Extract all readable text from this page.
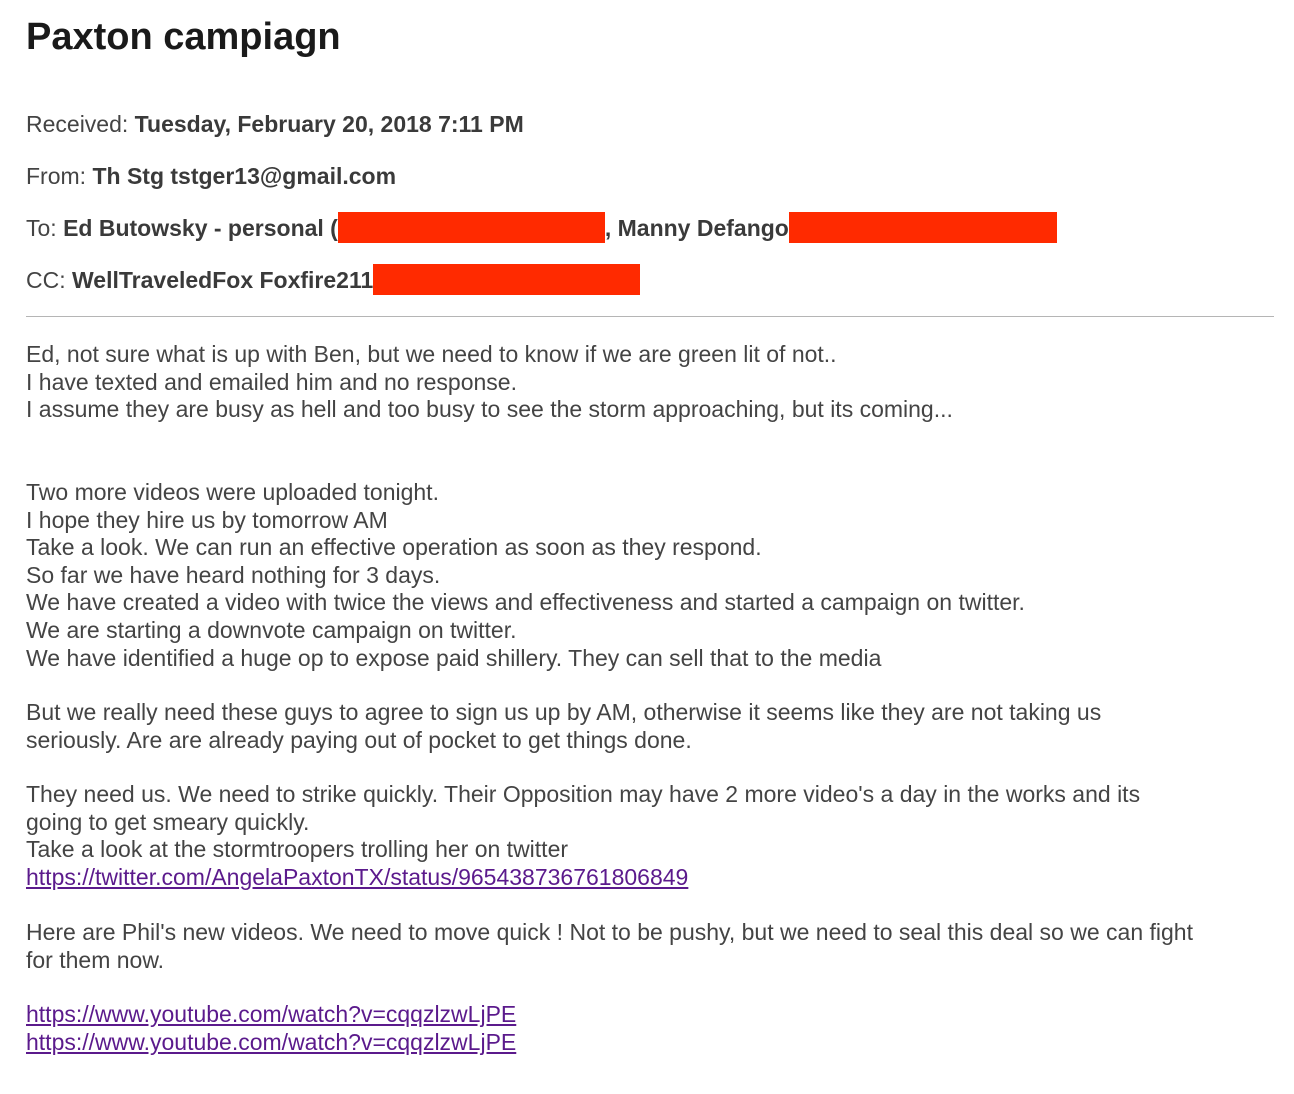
Paxton campiagn
Received: Tuesday, February 20, 2018 7:11 PM
From: Th Stg tstger13@gmail.com
To: Ed Butowsky - personal (	, Manny Defango
CC: WellTraveledFox Foxfire211
Ed, not sure what is up with Ben, but we need to know if we are green lit of not..
I have texted and emailed him and no response.
I assume they are busy as hell and too busy to see the storm approaching, but its coming...
Two more videos were uploaded tonight.
I hope they hire us by tomorrow AM
Take a look. We can run an effective operation as soon as they respond.
So far we have heard nothing for 3 days.
We have created a video with twice the views and effectiveness and started a campaign on twitter.
We are starting a downvote campaign on twitter.
We have identified a huge op to expose paid shillery. They can sell that to the media
But we really need these guys to agree to sign us up by AM, otherwise it seems like they are not taking us
seriously. Are are already paying out of pocket to get things done.
They need us. We need to strike quickly. Their Opposition may have 2 more video's a day in the works and its
going to get smeary quickly.
Take a look at the stormtroopers trolling her on twitter
https://twitter.com/AngelaPaxtonTX/status/965438736761806849
Here are Phil's new videos. We need to move quick ! Not to be pushy, but we need to seal this deal so we can fight
for them now.
https://www.youtube.com/watch?v=cqqzlzwLjPE
https://www.youtube.com/watch?v=cqqzlzwLjPE
